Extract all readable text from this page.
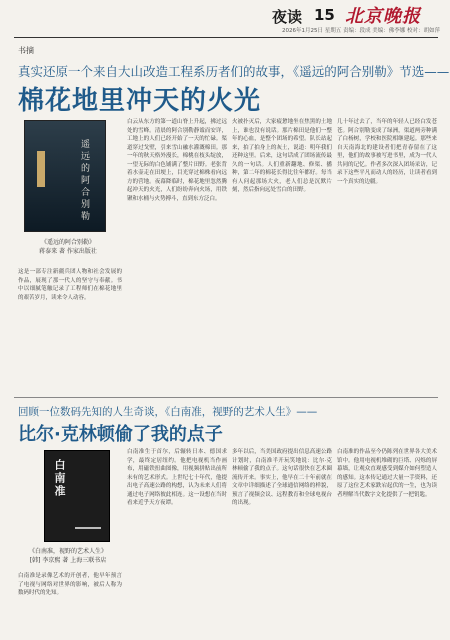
夜读 15 北京晚报
2026年1月25日 星期五 责编：段成 美编：佛李娜 校对：胡如萍
书摘
真实还原一个来自大山改造工程系历者们的故事，《遥远的阿合别勒》节选——
棉花地里冲天的火光
遥远的阿合别勒
《遥远的阿合别勒》
蒋泰来 著 作家出版社
这是一部专注新疆兵团人物和社会发展的作品，展现了那一代人的坚守与奉献。书中以细腻笔触记录了工程师们在棉花地里的艰苦岁月，读来令人动容。
白云从东方的第一道山脊上升起，拂过远处的雪峰。清晨的阿合别勒静谧而安详，工地上的人们已经开始了一天的忙碌。渠道穿过戈壁，引来雪山融水灌溉棉田。那一年的秋天格外漫长，棉桃在枝头绽放，一望无际的白色铺满了整片田野。老张背着水壶走在田埂上，目光穿过棉株看向远方的营地。夜幕降临时，棉花地里忽然腾起冲天的火光，人们纷纷奔向火场，用铁锹和水桶与火势搏斗，直到东方泛白。
火被扑灭后，大家疲惫地坐在焦黑的土地上，谁也没有说话。那片棉田是他们一整年的心血，是整个团场的希望。队长站起来，拍了拍身上的灰土，说道：明年我们还种这里。后来，这句话成了团场流传最久的一句话。人们重新翻地、修渠、播种，第二年的棉花长得比往年都好。每当有人问起那场大火，老人们总是沉默片刻，然后指向远处雪白的田野。
几十年过去了，当年的年轻人已经白发苍苍。阿合别勒变成了绿洲，渠道两旁种满了白杨树，学校和医院相继建起。那些来自天南海北的建设者们把青春留在了这里，他们的故事被写进书里，成为一代人共同的记忆。作者多次深入团场采访，记录下这些平凡而动人的经历，让读者看到一个真实的边疆。
回顾一位数码先知的人生奇谈，《白南准，视野的艺术人生》——
比尔·克林顿偷了我的点子
白南准
《白南准，视野的艺术人生》
[韩] 李京熙 著 上海三联书店
白南准是录像艺术的开创者，他早年预言了电视与网络对世界的影响，被后人称为数码时代的先知。
白南准生于首尔，后辗转日本、德国求学，最终定居纽约。他把电视机当作画布，用磁铁扭曲图像，用视频拼贴出前所未有的艺术形式。上世纪七十年代，他提出电子高速公路的构想，认为未来人们将通过电子网络彼此相连。这一设想在当时看来近乎天方夜谭。
多年以后，当美国政府提出信息高速公路计划时，白南准半开玩笑地说：比尔·克林顿偷了我的点子。这句话很快在艺术圈流传开来。事实上，他早在二十年前就在文章中详细描述了全球通信网络的样貌，预言了视频会议、远程教育和全球电视台的出现。
白南准的作品至今仍陈列在世界各大美术馆中。他用电视机堆砌的巨塔、闪烁的屏幕墙，让观众直观感受到媒介如何塑造人的感知。这本传记通过大量一手资料，还原了这位艺术家跌宕起伏的一生，也为读者理解当代数字文化提供了一把钥匙。
